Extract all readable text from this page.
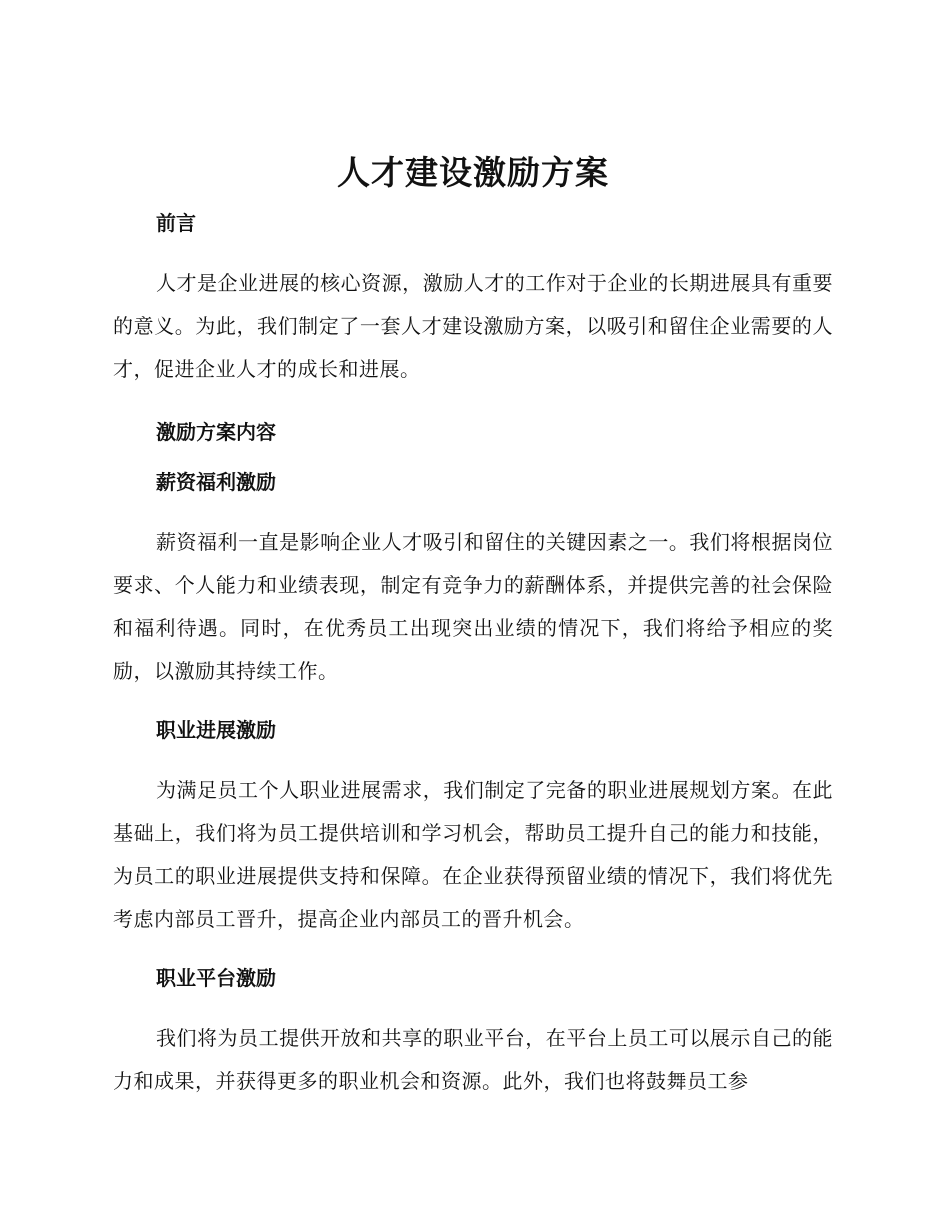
人才建设激励方案
前言

人才是企业进展的核心资源，激励人才的工作对于企业的长期进展具有重要的意义。为此，我们制定了一套人才建设激励方案，以吸引和留住企业需要的人才，促进企业人才的成长和进展。

激励方案内容
薪资福利激励

薪资福利一直是影响企业人才吸引和留住的关键因素之一。我们将根据岗位要求、个人能力和业绩表现，制定有竞争力的薪酬体系，并提供完善的社会保险和福利待遇。同时，在优秀员工出现突出业绩的情况下，我们将给予相应的奖励，以激励其持续工作。

职业进展激励

为满足员工个人职业进展需求，我们制定了完备的职业进展规划方案。在此基础上，我们将为员工提供培训和学习机会，帮助员工提升自己的能力和技能，为员工的职业进展提供支持和保障。在企业获得预留业绩的情况下，我们将优先考虑内部员工晋升，提高企业内部员工的晋升机会。

职业平台激励

我们将为员工提供开放和共享的职业平台，在平台上员工可以展示自己的能力和成果，并获得更多的职业机会和资源。此外，我们也将鼓舞员工参
